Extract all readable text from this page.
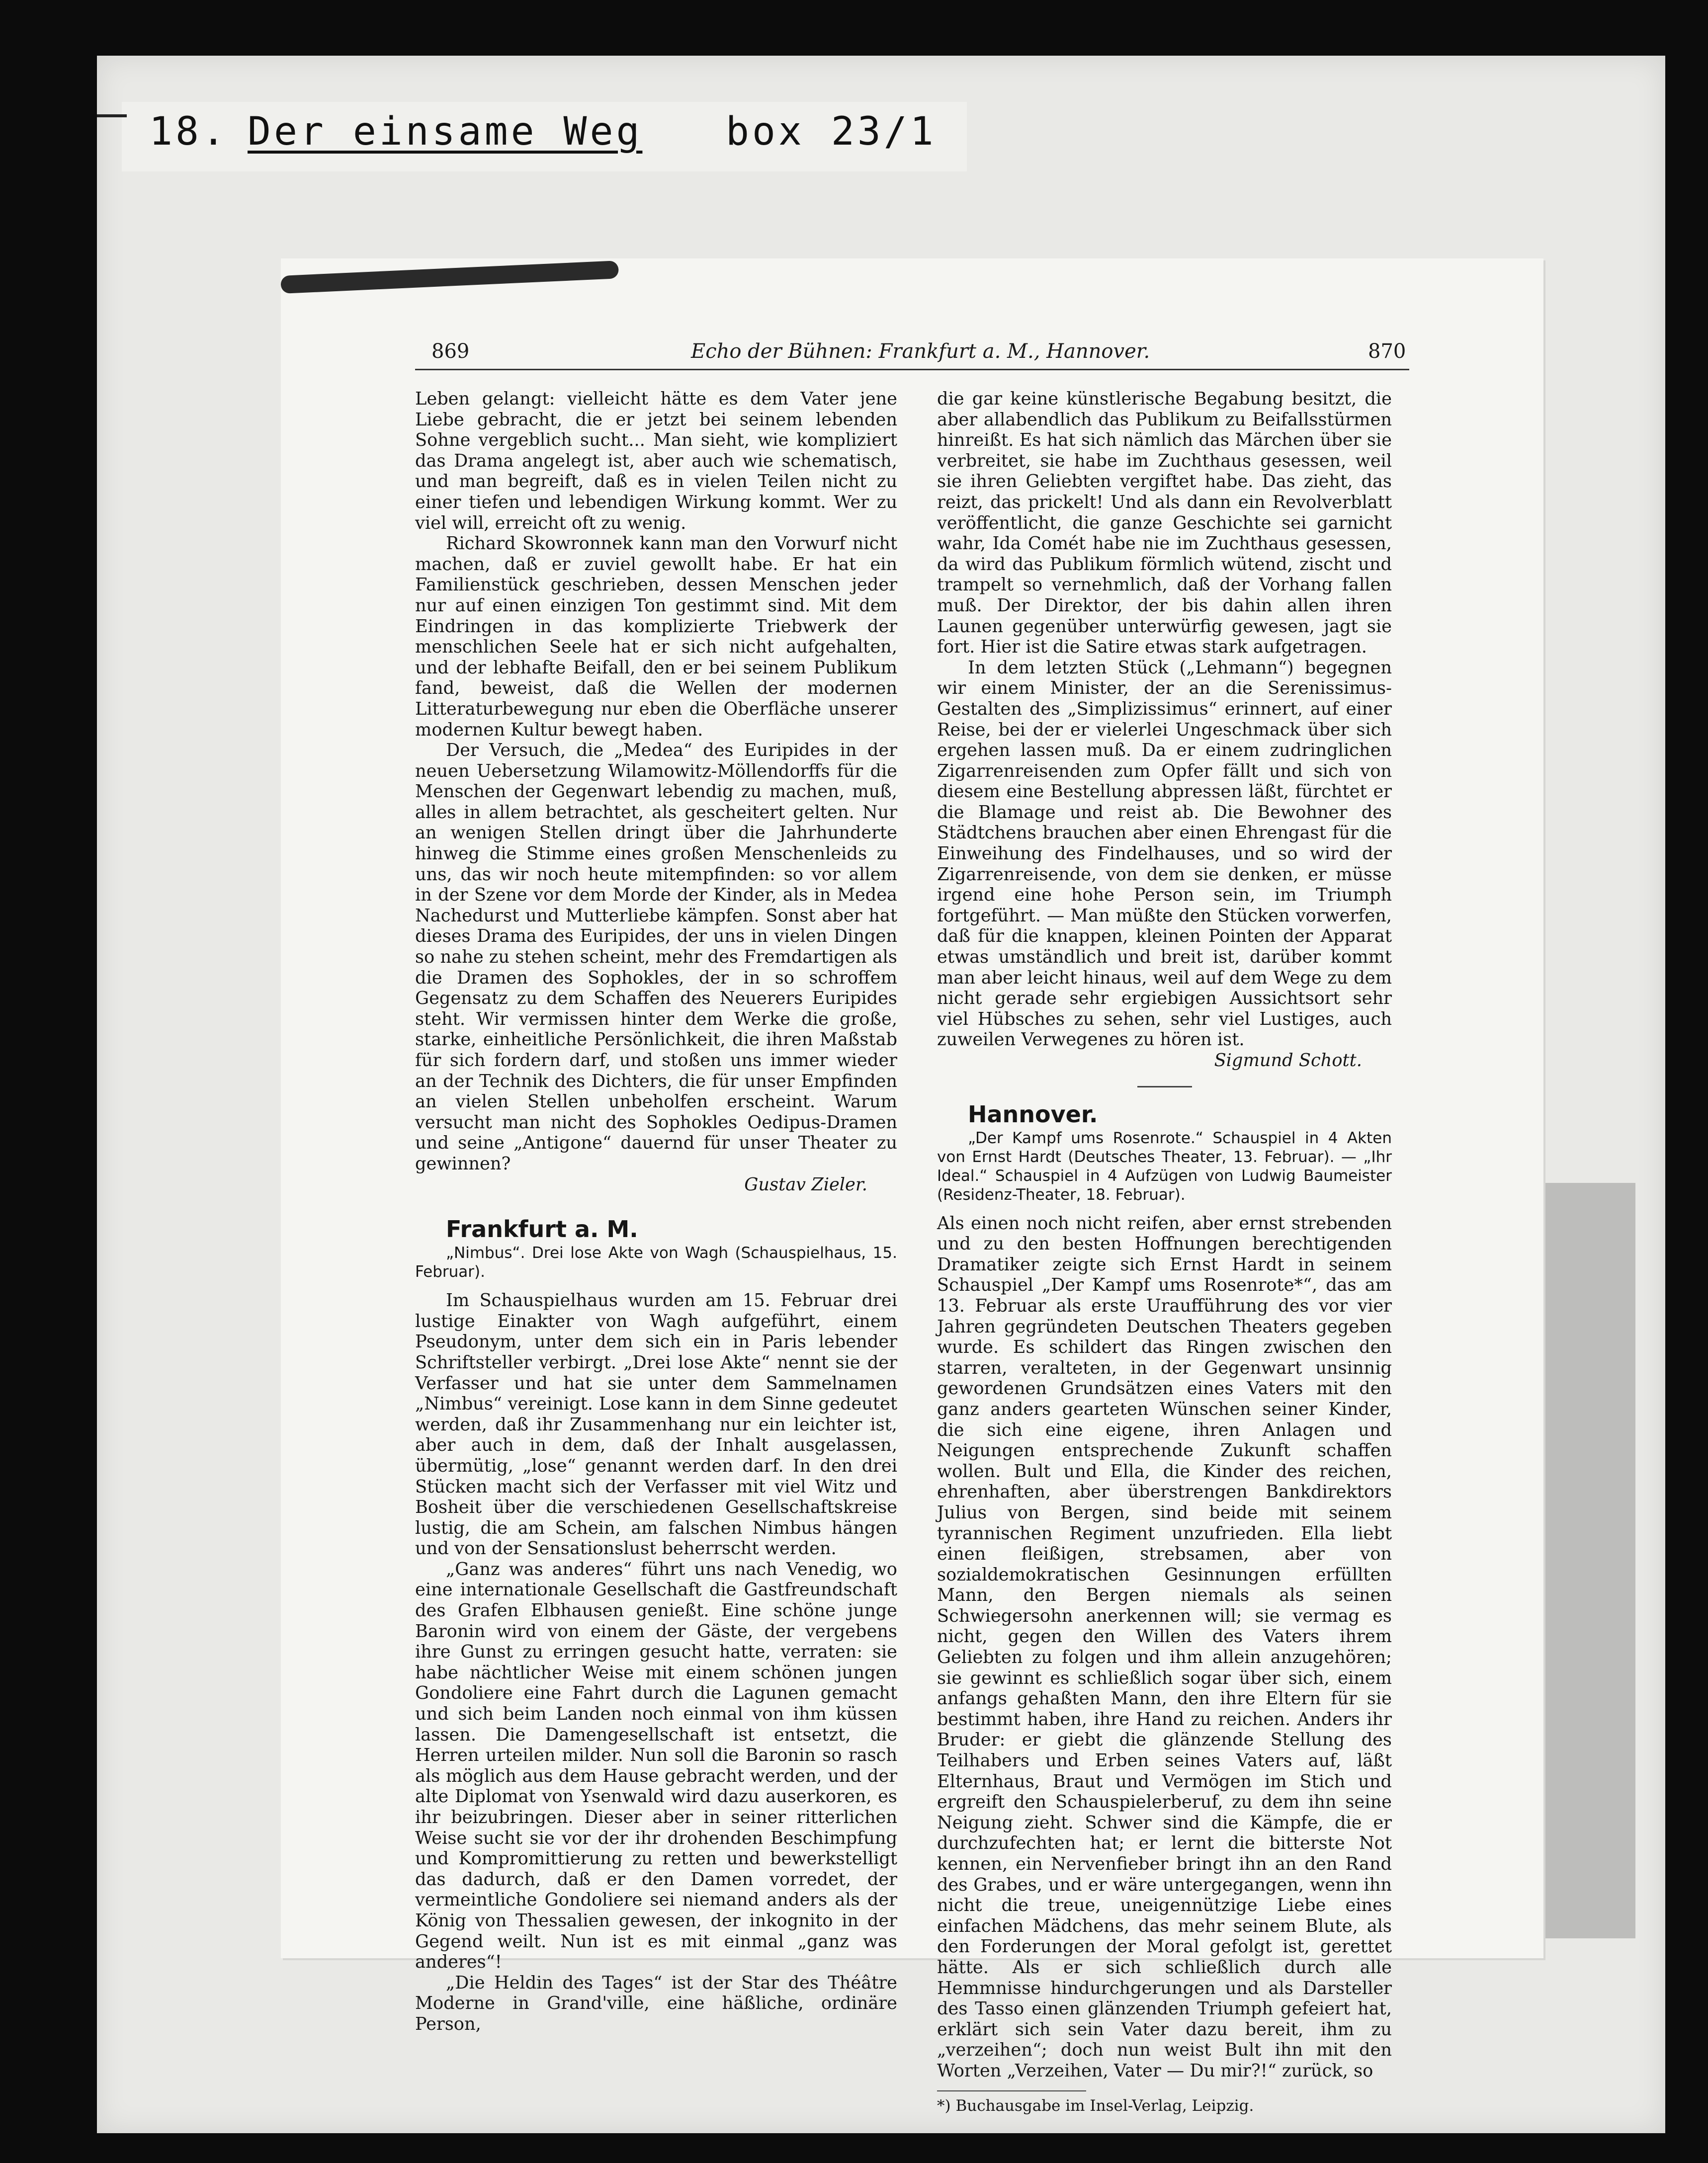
18. Der einsame Weg box 23/1
869	Echo der Bühnen: Frankfurt a. M., Hannover.	870

Leben gelangt: vielleicht hätte es dem Vater jene Liebe gebracht, die er jetzt bei seinem lebenden Sohne vergeblich sucht... Man sieht, wie kompliziert das Drama angelegt ist, aber auch wie schematisch, und man begreift, daß es in vielen Teilen nicht zu einer tiefen und lebendigen Wirkung kommt. Wer zu viel will, erreicht oft zu wenig.

Richard Skowronnek kann man den Vorwurf nicht machen, daß er zuviel gewollt habe. Er hat ein Familienstück geschrieben, dessen Menschen jeder nur auf einen einzigen Ton gestimmt sind. Mit dem Eindringen in das komplizierte Triebwerk der menschlichen Seele hat er sich nicht aufgehalten, und der lebhafte Beifall, den er bei seinem Publikum fand, beweist, daß die Wellen der modernen Litteraturbewegung nur eben die Oberfläche unserer modernen Kultur bewegt haben.

Der Versuch, die „Medea“ des Euripides in der neuen Uebersetzung Wilamowitz-Möllendorffs für die Menschen der Gegenwart lebendig zu machen, muß, alles in allem betrachtet, als gescheitert gelten. Nur an wenigen Stellen dringt über die Jahrhunderte hinweg die Stimme eines großen Menschenleids zu uns, das wir noch heute mitempfinden: so vor allem in der Szene vor dem Morde der Kinder, als in Medea Nachedurst und Mutterliebe kämpfen. Sonst aber hat dieses Drama des Euripides, der uns in vielen Dingen so nahe zu stehen scheint, mehr des Fremdartigen als die Dramen des Sophokles, der in so schroffem Gegensatz zu dem Schaffen des Neuerers Euripides steht. Wir vermissen hinter dem Werke die große, starke, einheitliche Persönlichkeit, die ihren Maßstab für sich fordern darf, und stoßen uns immer wieder an der Technik des Dichters, die für unser Empfinden an vielen Stellen unbeholfen erscheint. Warum versucht man nicht des Sophokles Oedipus-Dramen und seine „Antigone“ dauernd für unser Theater zu gewinnen?

Gustav Zieler.

Frankfurt a. M.

„Nimbus“. Drei lose Akte von Wagh (Schauspielhaus, 15. Februar).

Im Schauspielhaus wurden am 15. Februar drei lustige Einakter von Wagh aufgeführt, einem Pseudonym, unter dem sich ein in Paris lebender Schriftsteller verbirgt. „Drei lose Akte“ nennt sie der Verfasser und hat sie unter dem Sammelnamen „Nimbus“ vereinigt. Lose kann in dem Sinne gedeutet werden, daß ihr Zusammenhang nur ein leichter ist, aber auch in dem, daß der Inhalt ausgelassen, übermütig, „lose“ genannt werden darf. In den drei Stücken macht sich der Verfasser mit viel Witz und Bosheit über die verschiedenen Gesellschaftskreise lustig, die am Schein, am falschen Nimbus hängen und von der Sensationslust beherrscht werden.

„Ganz was anderes“ führt uns nach Venedig, wo eine internationale Gesellschaft die Gastfreundschaft des Grafen Elbhausen genießt. Eine schöne junge Baronin wird von einem der Gäste, der vergebens ihre Gunst zu erringen gesucht hatte, verraten: sie habe nächtlicher Weise mit einem schönen jungen Gondoliere eine Fahrt durch die Lagunen gemacht und sich beim Landen noch einmal von ihm küssen lassen. Die Damengesellschaft ist entsetzt, die Herren urteilen milder. Nun soll die Baronin so rasch als möglich aus dem Hause gebracht werden, und der alte Diplomat von Ysenwald wird dazu auserkoren, es ihr beizubringen. Dieser aber in seiner ritterlichen Weise sucht sie vor der ihr drohenden Beschimpfung und Kompromittierung zu retten und bewerkstelligt das dadurch, daß er den Damen vorredet, der vermeintliche Gondoliere sei niemand anders als der König von Thessalien gewesen, der inkognito in der Gegend weilt. Nun ist es mit einmal „ganz was anderes“!

„Die Heldin des Tages“ ist der Star des Théâtre Moderne in Grand'ville, eine häßliche, ordinäre Person,

die gar keine künstlerische Begabung besitzt, die aber allabendlich das Publikum zu Beifallsstürmen hinreißt. Es hat sich nämlich das Märchen über sie verbreitet, sie habe im Zuchthaus gesessen, weil sie ihren Geliebten vergiftet habe. Das zieht, das reizt, das prickelt! Und als dann ein Revolverblatt veröffentlicht, die ganze Geschichte sei garnicht wahr, Ida Comét habe nie im Zuchthaus gesessen, da wird das Publikum förmlich wütend, zischt und trampelt so vernehmlich, daß der Vorhang fallen muß. Der Direktor, der bis dahin allen ihren Launen gegenüber unterwürfig gewesen, jagt sie fort. Hier ist die Satire etwas stark aufgetragen.

In dem letzten Stück („Lehmann“) begegnen wir einem Minister, der an die Serenissimus-Gestalten des „Simplizissimus“ erinnert, auf einer Reise, bei der er vielerlei Ungeschmack über sich ergehen lassen muß. Da er einem zudringlichen Zigarrenreisenden zum Opfer fällt und sich von diesem eine Bestellung abpressen läßt, fürchtet er die Blamage und reist ab. Die Bewohner des Städtchens brauchen aber einen Ehrengast für die Einweihung des Findelhauses, und so wird der Zigarrenreisende, von dem sie denken, er müsse irgend eine hohe Person sein, im Triumph fortgeführt. — Man müßte den Stücken vorwerfen, daß für die knappen, kleinen Pointen der Apparat etwas umständlich und breit ist, darüber kommt man aber leicht hinaus, weil auf dem Wege zu dem nicht gerade sehr ergiebigen Aussichtsort sehr viel Hübsches zu sehen, sehr viel Lustiges, auch zuweilen Verwegenes zu hören ist.

Sigmund Schott.

Hannover.

„Der Kampf ums Rosenrote.“ Schauspiel in 4 Akten von Ernst Hardt (Deutsches Theater, 13. Februar). — „Ihr Ideal.“ Schauspiel in 4 Aufzügen von Ludwig Baumeister (Residenz-Theater, 18. Februar).

Als einen noch nicht reifen, aber ernst strebenden und zu den besten Hoffnungen berechtigenden Dramatiker zeigte sich Ernst Hardt in seinem Schauspiel „Der Kampf ums Rosenrote*“, das am 13. Februar als erste Uraufführung des vor vier Jahren gegründeten Deutschen Theaters gegeben wurde. Es schildert das Ringen zwischen den starren, veralteten, in der Gegenwart unsinnig gewordenen Grundsätzen eines Vaters mit den ganz anders gearteten Wünschen seiner Kinder, die sich eine eigene, ihren Anlagen und Neigungen entsprechende Zukunft schaffen wollen. Bult und Ella, die Kinder des reichen, ehrenhaften, aber überstrengen Bankdirektors Julius von Bergen, sind beide mit seinem tyrannischen Regiment unzufrieden. Ella liebt einen fleißigen, strebsamen, aber von sozialdemokratischen Gesinnungen erfüllten Mann, den Bergen niemals als seinen Schwiegersohn anerkennen will; sie vermag es nicht, gegen den Willen des Vaters ihrem Geliebten zu folgen und ihm allein anzugehören; sie gewinnt es schließlich sogar über sich, einem anfangs gehaßten Mann, den ihre Eltern für sie bestimmt haben, ihre Hand zu reichen. Anders ihr Bruder: er giebt die glänzende Stellung des Teilhabers und Erben seines Vaters auf, läßt Elternhaus, Braut und Vermögen im Stich und ergreift den Schauspielerberuf, zu dem ihn seine Neigung zieht. Schwer sind die Kämpfe, die er durchzufechten hat; er lernt die bitterste Not kennen, ein Nervenfieber bringt ihn an den Rand des Grabes, und er wäre untergegangen, wenn ihn nicht die treue, uneigennützige Liebe eines einfachen Mädchens, das mehr seinem Blute, als den Forderungen der Moral gefolgt ist, gerettet hätte. Als er sich schließlich durch alle Hemmnisse hindurchgerungen und als Darsteller des Tasso einen glänzenden Triumph gefeiert hat, erklärt sich sein Vater dazu bereit, ihm zu „verzeihen“; doch nun weist Bult ihn mit den Worten „Verzeihen, Vater — Du mir?!“ zurück, so

*) Buchausgabe im Insel-Verlag, Leipzig.
